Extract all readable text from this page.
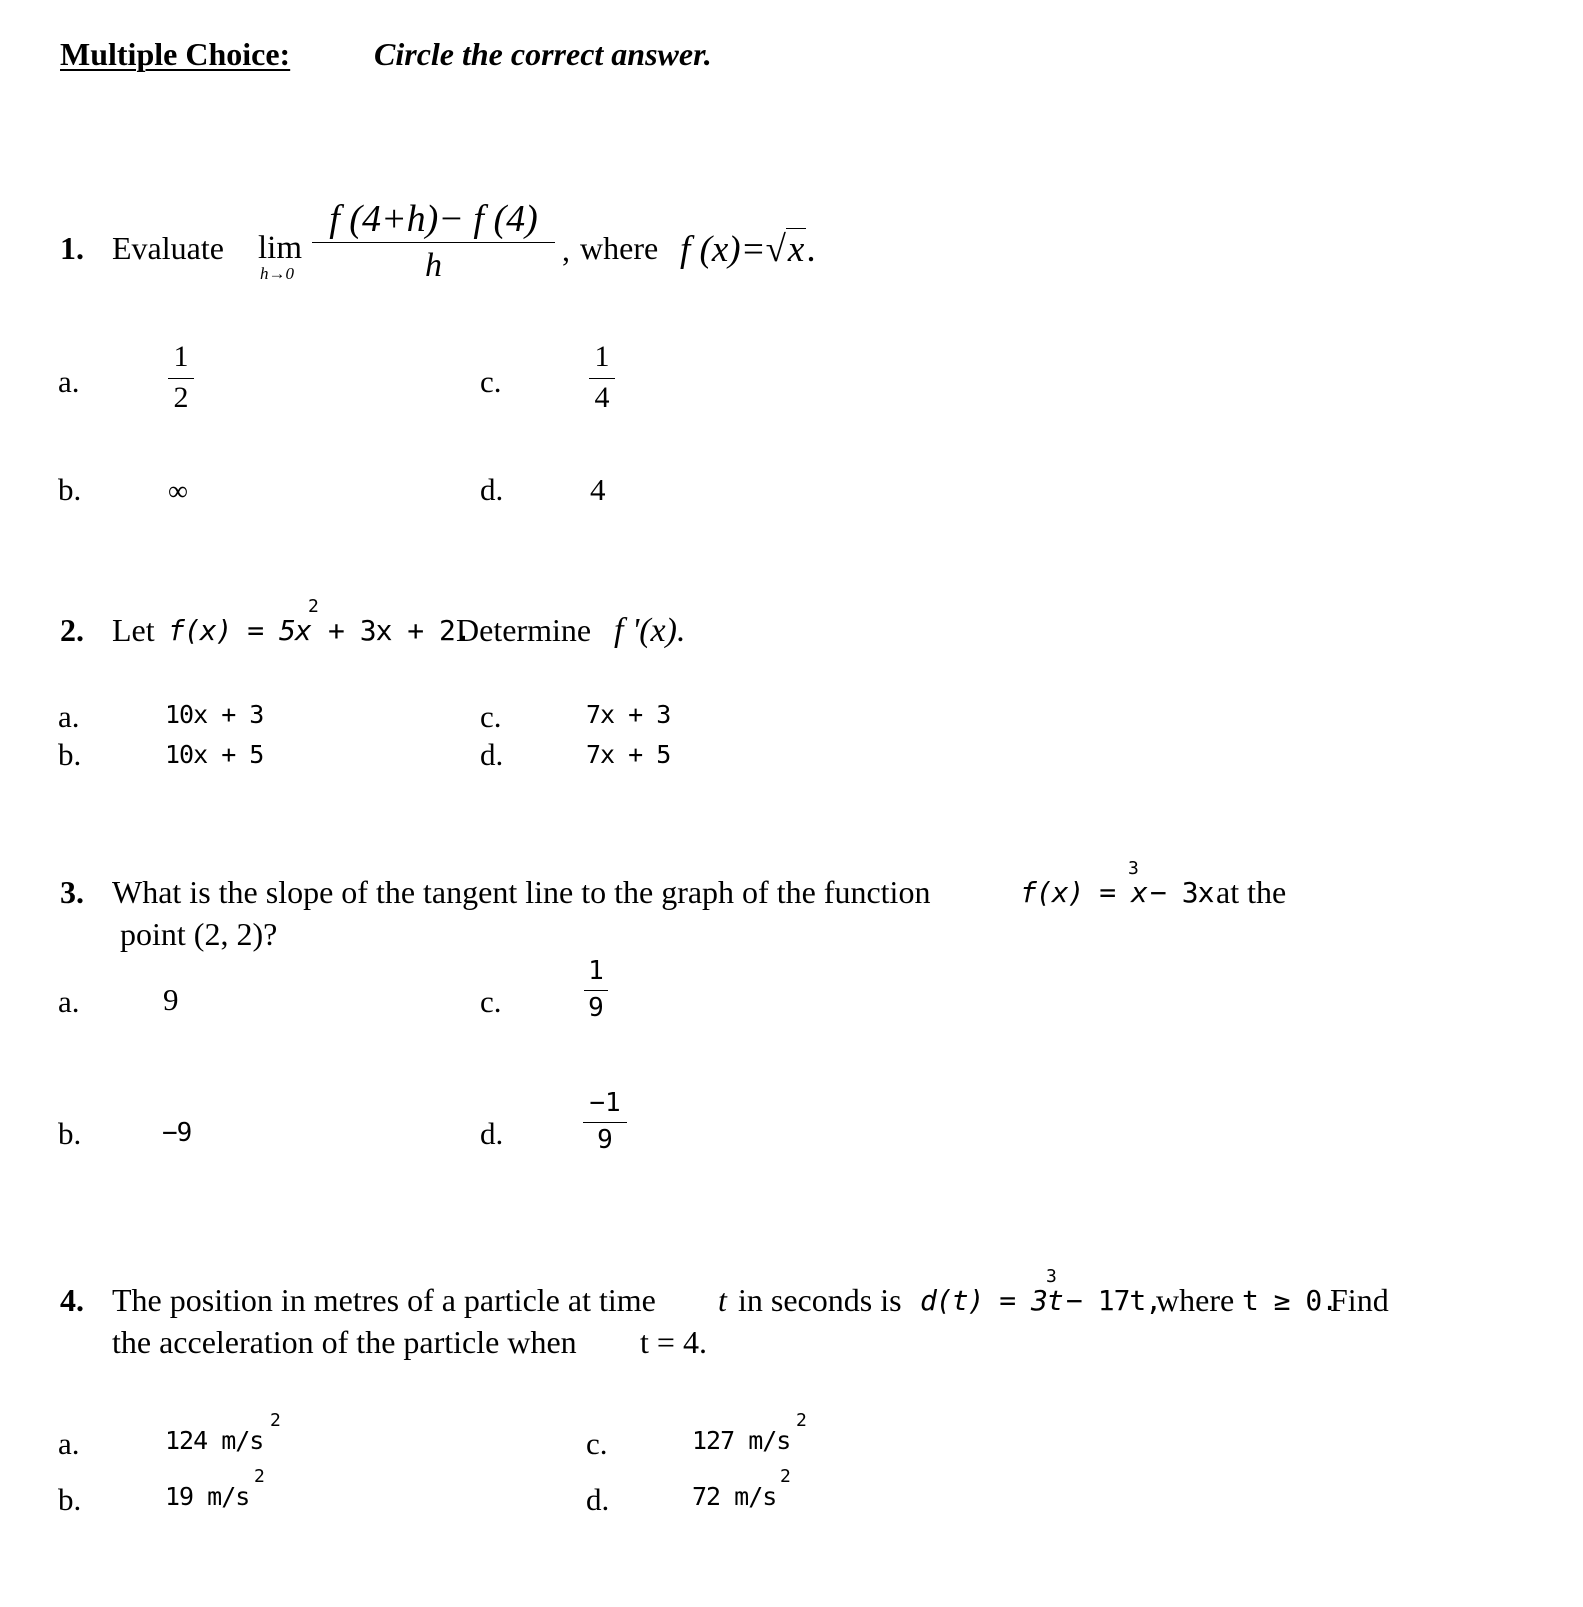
Multiple Choice:	Circle the correct answer.
1. Evaluate lim
h→0
f (4+h)− f (4)
h	, where f (x)=√x.
a.
1
2	c.
1
4
b.	∞	d.	4
2. Let f(x) = 5x
2
+ 3x + 2.
Determine f '(x).
a.	10x + 3	c.	7x + 3
b.	10x + 5	d.	7x + 5
3. What is the slope of the tangent line to the graph of the function	f(x) = x
3
− 3x at the
point (2, 2)?
a.	9	c.
1
9
b.	−9	d.
−1
9
4. The position in metres of a particle at time t in seconds is d(t) = 3t
3
− 17t,
where t ≥ 0.
Find
the acceleration of the particle when t = 4.
a.	124 m/s
2
c.	127 m/s
2
b.	19 m/s
2
d.	72 m/s
2
